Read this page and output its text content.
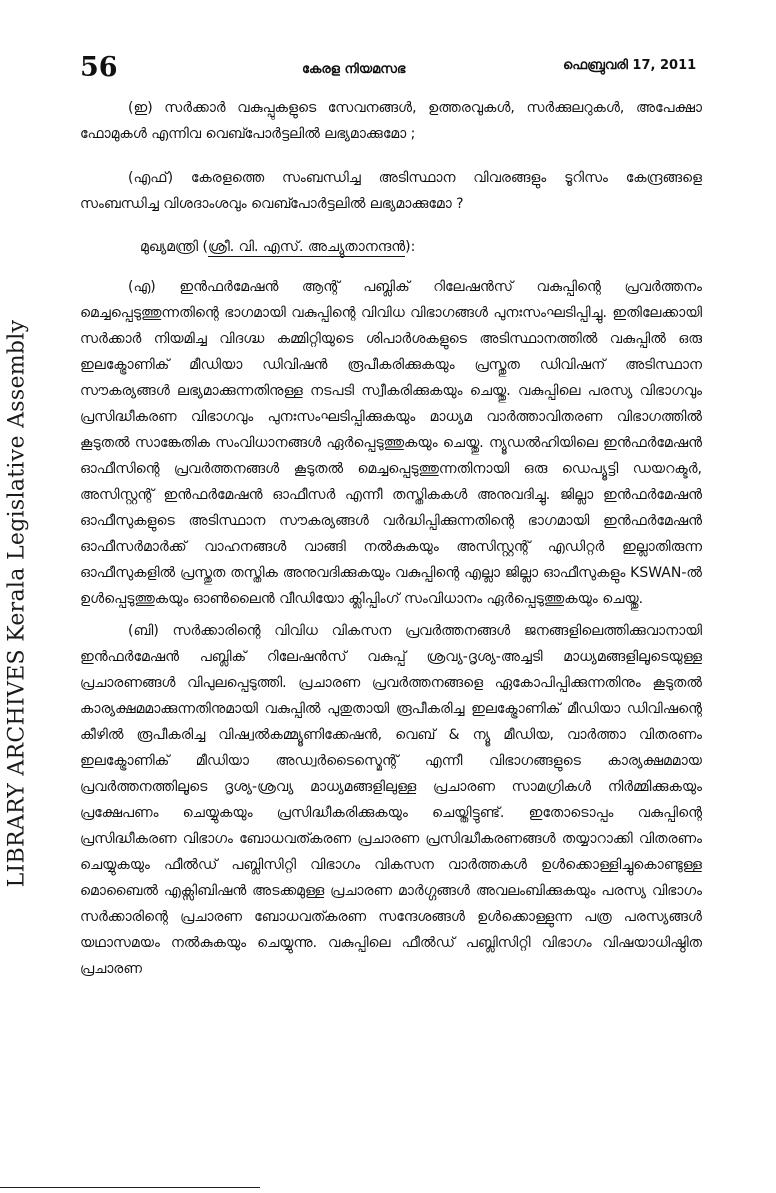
LIBRARY ARCHIVES Kerala Legislative Assembly
56	കേരള നിയമസഭ	ഫെബ്രുവരി 17, 2011

(ഇ) സർക്കാർ വകുപ്പുകളുടെ സേവനങ്ങൾ, ഉത്തരവുകൾ, സർക്കുലറുകൾ, അപേക്ഷാ ഫോമുകൾ എന്നിവ വെബ്പോർട്ടലിൽ ലഭ്യമാക്കുമോ ;

(എഫ്) കേരളത്തെ സംബന്ധിച്ച അടിസ്ഥാന വിവരങ്ങളും ടൂറിസം കേന്ദ്രങ്ങളെ സംബന്ധിച്ച വിശദാംശവും വെബ്പോർട്ടലിൽ ലഭ്യമാക്കുമോ ?

മുഖ്യമന്ത്രി (ശ്രീ. വി. എസ്. അച്യുതാനന്ദൻ):

(എ) ഇൻഫർമേഷൻ ആന്റ് പബ്ലിക് റിലേഷൻസ് വകുപ്പിന്റെ പ്രവർത്തനം മെച്ചപ്പെടുത്തുന്നതിന്റെ ഭാഗമായി വകുപ്പിന്റെ വിവിധ വിഭാഗങ്ങൾ പുനഃസംഘടിപ്പിച്ചു. ഇതിലേക്കായി സർക്കാർ നിയമിച്ച വിദഗ്ദ്ധ കമ്മിറ്റിയുടെ ശിപാർശകളുടെ അടിസ്ഥാനത്തിൽ വകുപ്പിൽ ഒരു ഇലക്ട്രോണിക് മീഡിയാ ഡിവിഷൻ രൂപീകരിക്കുകയും പ്രസ്തുത ഡിവിഷന് അടിസ്ഥാന സൗകര്യങ്ങൾ ലഭ്യമാക്കുന്നതിനുള്ള നടപടി സ്വീകരിക്കുകയും ചെയ്തു. വകുപ്പിലെ പരസ്യ വിഭാഗവും പ്രസിദ്ധീകരണ വിഭാഗവും പുനഃസംഘടിപ്പിക്കുകയും മാധ്യമ വാർത്താവിതരണ വിഭാഗത്തിൽ കൂടുതൽ സാങ്കേതിക സംവിധാനങ്ങൾ ഏർപ്പെടുത്തുകയും ചെയ്തു. ന്യൂഡൽഹിയിലെ ഇൻഫർമേഷൻ ഓഫീസിന്റെ പ്രവർത്തനങ്ങൾ കൂടുതൽ മെച്ചപ്പെടുത്തുന്നതിനായി ഒരു ഡെപ്യൂട്ടി ഡയറക്ടർ, അസിസ്റ്റന്റ് ഇൻഫർമേഷൻ ഓഫീസർ എന്നീ തസ്തികകൾ അനുവദിച്ചു. ജില്ലാ ഇൻഫർമേഷൻ ഓഫീസുകളുടെ അടിസ്ഥാന സൗകര്യങ്ങൾ വർദ്ധിപ്പിക്കുന്നതിന്റെ ഭാഗമായി ഇൻഫർമേഷൻ ഓഫീസർമാർക്ക് വാഹനങ്ങൾ വാങ്ങി നൽകുകയും അസിസ്റ്റന്റ് എഡിറ്റർ ഇല്ലാതിരുന്ന ഓഫീസുകളിൽ പ്രസ്തുത തസ്തിക അനുവദിക്കുകയും വകുപ്പിന്റെ എല്ലാ ജില്ലാ ഓഫീസുകളും KSWAN-ൽ ഉൾപ്പെടുത്തുകയും ഓൺലൈൻ വീഡിയോ ക്ലിപ്പിംഗ് സംവിധാനം ഏർപ്പെടുത്തുകയും ചെയ്തു.

(ബി) സർക്കാരിന്റെ വിവിധ വികസന പ്രവർത്തനങ്ങൾ ജനങ്ങളിലെത്തിക്കുവാനായി ഇൻഫർമേഷൻ പബ്ലിക് റിലേഷൻസ് വകുപ്പ് ശ്രവ്യ-ദൃശ്യ-അച്ചടി മാധ്യമങ്ങളിലൂടെയുള്ള പ്രചാരണങ്ങൾ വിപുലപ്പെടുത്തി. പ്രചാരണ പ്രവർത്തനങ്ങളെ ഏകോപിപ്പിക്കുന്നതിനും കൂടുതൽ കാര്യക്ഷമമാക്കുന്നതിനുമായി വകുപ്പിൽ പുതുതായി രൂപീകരിച്ച ഇലക്ട്രോണിക് മീഡിയാ ഡിവിഷന്റെ കീഴിൽ രൂപീകരിച്ച വിഷ്വൽകമ്മ്യൂണിക്കേഷൻ, വെബ് & ന്യൂ മീഡിയ, വാർത്താ വിതരണം ഇലക്ട്രോണിക് മീഡിയാ അഡ്വർടൈസ്മെന്റ് എന്നീ വിഭാഗങ്ങളുടെ കാര്യക്ഷമമായ പ്രവർത്തനത്തിലൂടെ ദൃശ്യ-ശ്രവ്യ മാധ്യമങ്ങളിലുള്ള പ്രചാരണ സാമഗ്രികൾ നിർമ്മിക്കുകയും പ്രക്ഷേപണം ചെയ്യുകയും പ്രസിദ്ധീകരിക്കുകയും ചെയ്തിട്ടുണ്ട്. ഇതോടൊപ്പം വകുപ്പിന്റെ പ്രസിദ്ധീകരണ വിഭാഗം ബോധവത്കരണ പ്രചാരണ പ്രസിദ്ധീകരണങ്ങൾ തയ്യാറാക്കി വിതരണം ചെയ്യുകയും ഫീൽഡ് പബ്ലിസിറ്റി വിഭാഗം വികസന വാർത്തകൾ ഉൾക്കൊള്ളിച്ചുകൊണ്ടുള്ള മൊബൈൽ എക്സിബിഷൻ അടക്കമുള്ള പ്രചാരണ മാർഗ്ഗങ്ങൾ അവലംബിക്കുകയും പരസ്യ വിഭാഗം സർക്കാരിന്റെ പ്രചാരണ ബോധവത്കരണ സന്ദേശങ്ങൾ ഉൾക്കൊള്ളുന്ന പത്ര പരസ്യങ്ങൾ യഥാസമയം നൽകുകയും ചെയ്യുന്നു. വകുപ്പിലെ ഫീൽഡ് പബ്ലിസിറ്റി വിഭാഗം വിഷയാധിഷ്ഠിത പ്രചാരണ
